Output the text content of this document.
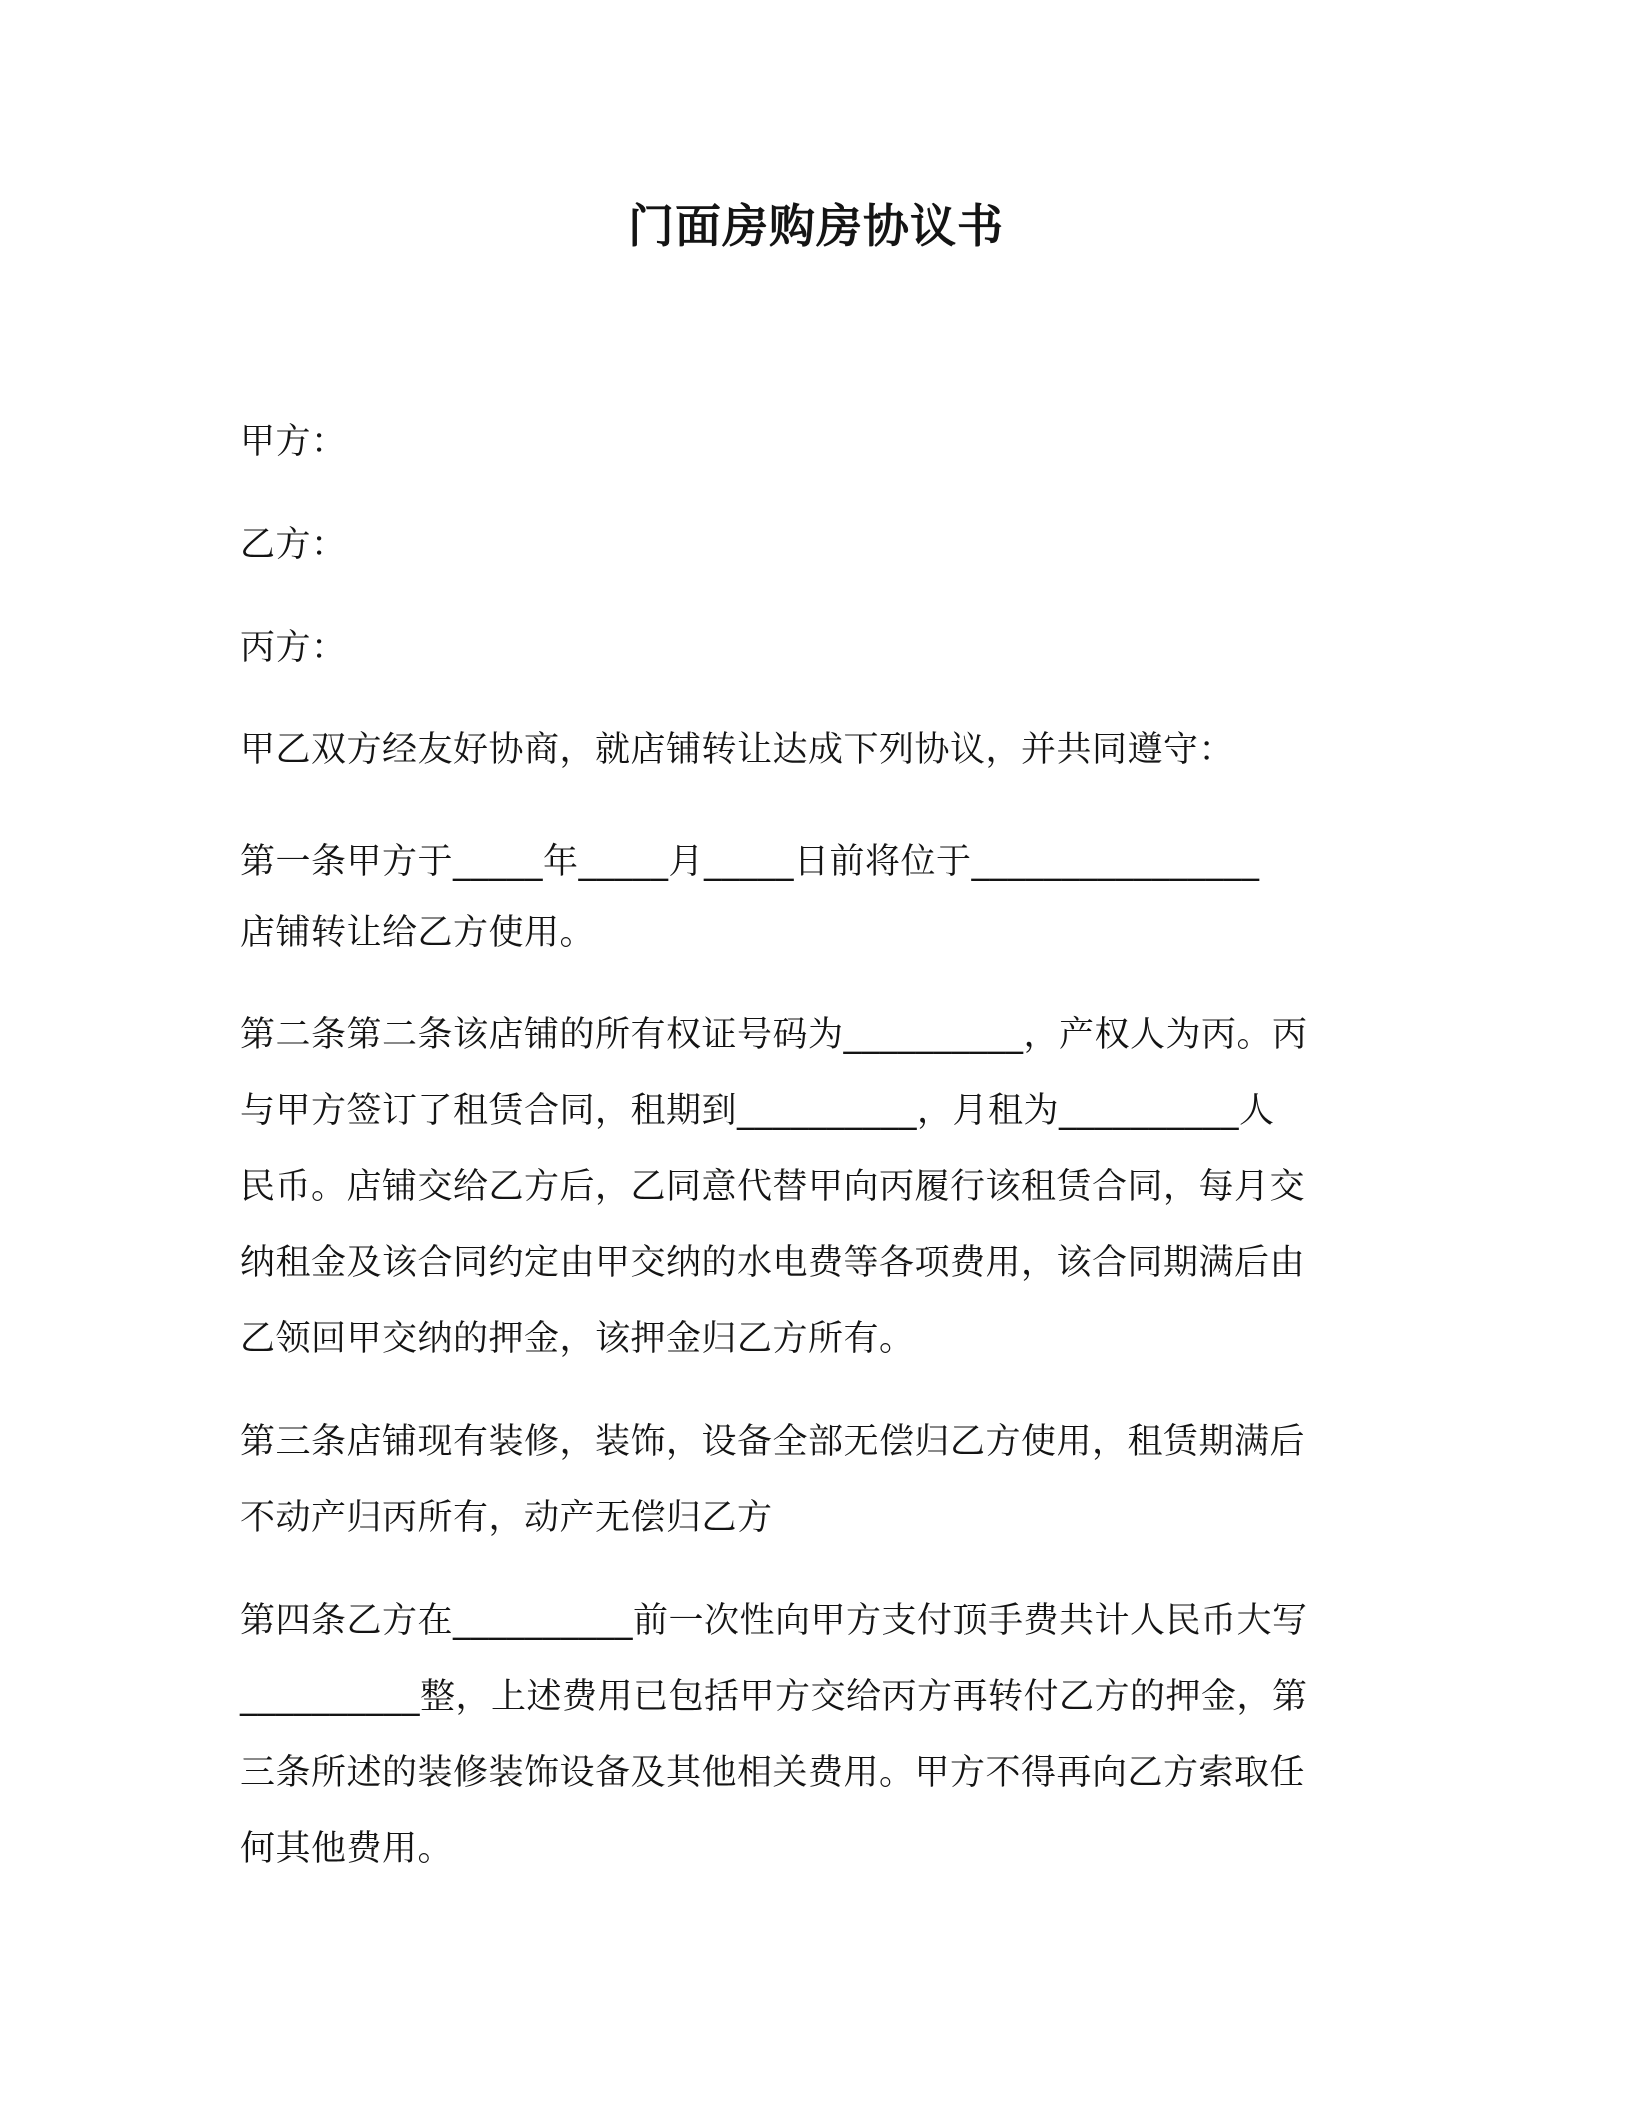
门面房购房协议书
甲方：
乙方：
丙方：
甲乙双方经友好协商，就店铺转让达成下列协议，并共同遵守：
第一条甲方于_____年_____月_____日前将位于________________
店铺转让给乙方使用。
第二条第二条该店铺的所有权证号码为__________，产权人为丙。丙
与甲方签订了租赁合同，租期到__________，月租为__________人
民币。店铺交给乙方后，乙同意代替甲向丙履行该租赁合同，每月交
纳租金及该合同约定由甲交纳的水电费等各项费用，该合同期满后由
乙领回甲交纳的押金，该押金归乙方所有。
第三条店铺现有装修，装饰，设备全部无偿归乙方使用，租赁期满后
不动产归丙所有，动产无偿归乙方
第四条乙方在__________前一次性向甲方支付顶手费共计人民币大写
__________整，上述费用已包括甲方交给丙方再转付乙方的押金，第
三条所述的装修装饰设备及其他相关费用。甲方不得再向乙方索取任
何其他费用。
